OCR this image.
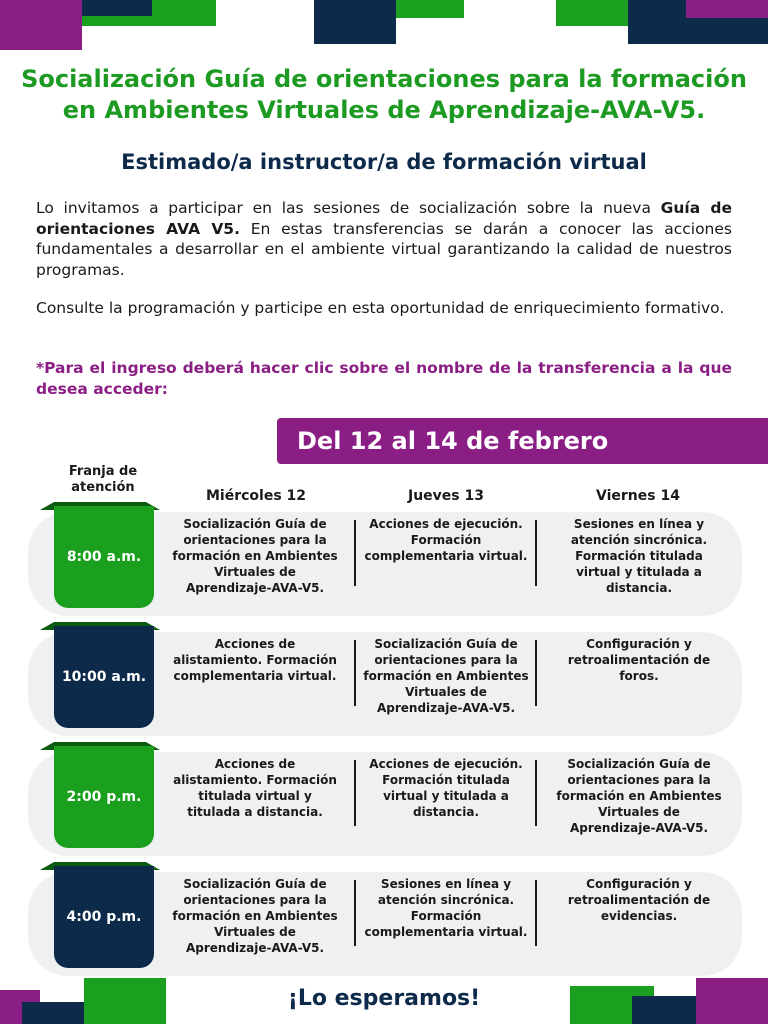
Socialización Guía de orientaciones para la formación en Ambientes Virtuales de Aprendizaje-AVA-V5.
Estimado/a instructor/a de formación virtual
Lo invitamos a participar en las sesiones de socialización sobre la nueva Guía de orientaciones AVA V5. En estas transferencias se darán a conocer las acciones fundamentales a desarrollar en el ambiente virtual garantizando la calidad de nuestros programas.
Consulte la programación y participe en esta oportunidad de enriquecimiento formativo.
*Para el ingreso deberá hacer clic sobre el nombre de la transferencia a la que desea acceder:
Del 12 al 14 de febrero
Franja de atención
Miércoles 12	Jueves 13	Viernes 14
8:00 a.m.
Socialización Guía de orientaciones para la formación en Ambientes Virtuales de Aprendizaje-AVA-V5.
Acciones de ejecución. Formación complementaria virtual.
Sesiones en línea y atención sincrónica. Formación titulada virtual y titulada a distancia.
10:00 a.m.
Acciones de alistamiento. Formación complementaria virtual.
Socialización Guía de orientaciones para la formación en Ambientes Virtuales de Aprendizaje-AVA-V5.
Configuración y retroalimentación de foros.
2:00 p.m.
Acciones de alistamiento. Formación titulada virtual y titulada a distancia.
Acciones de ejecución. Formación titulada virtual y titulada a distancia.
Socialización Guía de orientaciones para la formación en Ambientes Virtuales de Aprendizaje-AVA-V5.
4:00 p.m.
Socialización Guía de orientaciones para la formación en Ambientes Virtuales de Aprendizaje-AVA-V5.
Sesiones en línea y atención sincrónica. Formación complementaria virtual.
Configuración y retroalimentación de evidencias.
¡Lo esperamos!
